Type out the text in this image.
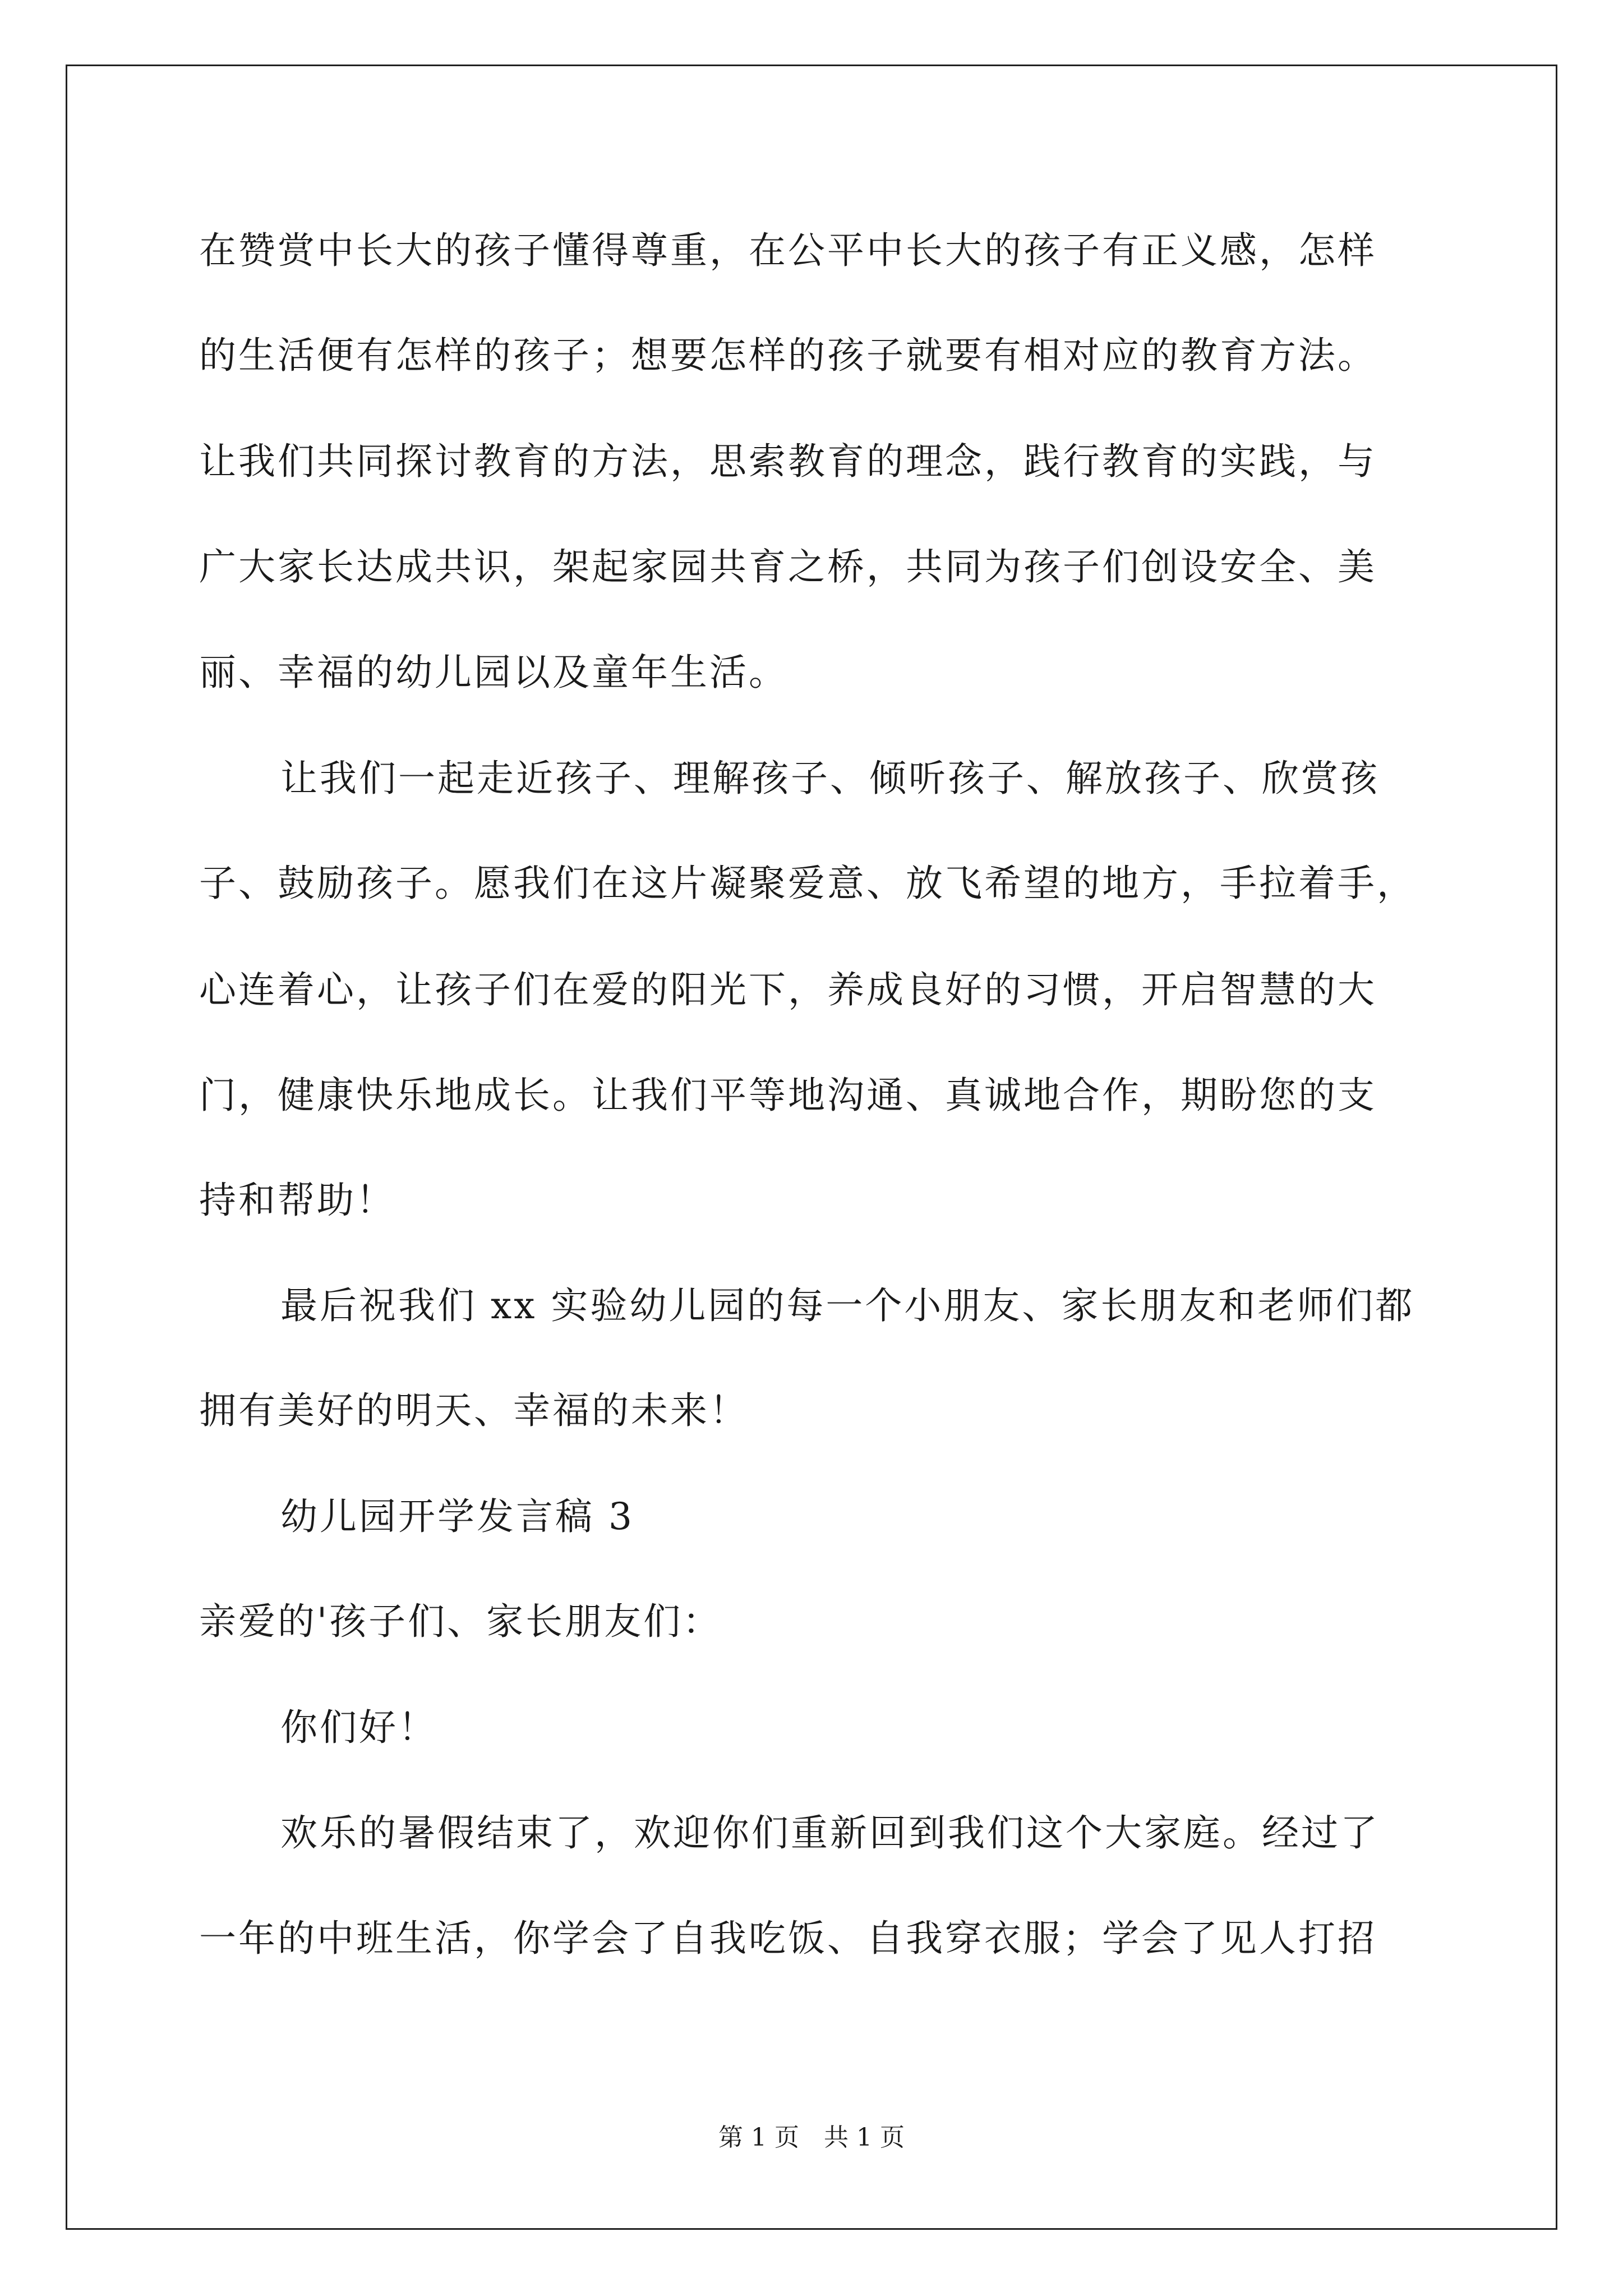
在赞赏中长大的孩子懂得尊重，在公平中长大的孩子有正义感，怎样
的生活便有怎样的孩子；想要怎样的孩子就要有相对应的教育方法。
让我们共同探讨教育的方法，思索教育的理念，践行教育的实践，与
广大家长达成共识，架起家园共育之桥，共同为孩子们创设安全、美
丽、幸福的幼儿园以及童年生活。
让我们一起走近孩子、理解孩子、倾听孩子、解放孩子、欣赏孩
子、鼓励孩子。愿我们在这片凝聚爱意、放飞希望的地方，手拉着手，
心连着心，让孩子们在爱的阳光下，养成良好的习惯，开启智慧的大
门，健康快乐地成长。让我们平等地沟通、真诚地合作，期盼您的支
持和帮助！
最后祝我们 xx 实验幼儿园的每一个小朋友、家长朋友和老师们都
拥有美好的明天、幸福的未来！
幼儿园开学发言稿 3
亲爱的'孩子们、家长朋友们：
你们好！
欢乐的暑假结束了，欢迎你们重新回到我们这个大家庭。经过了
一年的中班生活，你学会了自我吃饭、自我穿衣服；学会了见人打招
第 1 页　共 1 页
